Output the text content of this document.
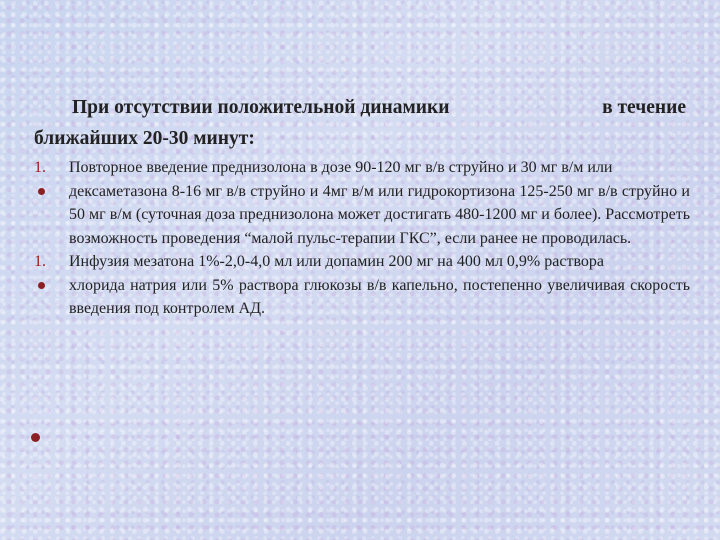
При отсутствии положительной динамики	в течение
ближайших 20-30 минут:
1.	Повторное введение преднизолона в дозе 90-120 мг в/в струйно и 30 мг в/м или
дексаметазона 8-16 мг в/в струйно и 4мг в/м или гидрокортизона 125-250 мг в/в струйно и 50 мг в/м (суточная доза преднизолона может достигать 480-1200 мг и более). Рассмотреть возможность проведения “малой пульс-терапии ГКС”, если ранее не проводилась.
1.	Инфузия мезатона 1%-2,0-4,0 мл или допамин 200 мг на 400 мл 0,9% раствора
хлорида натрия или 5% раствора глюкозы в/в капельно, постепенно увеличивая скорость введения под контролем АД.
